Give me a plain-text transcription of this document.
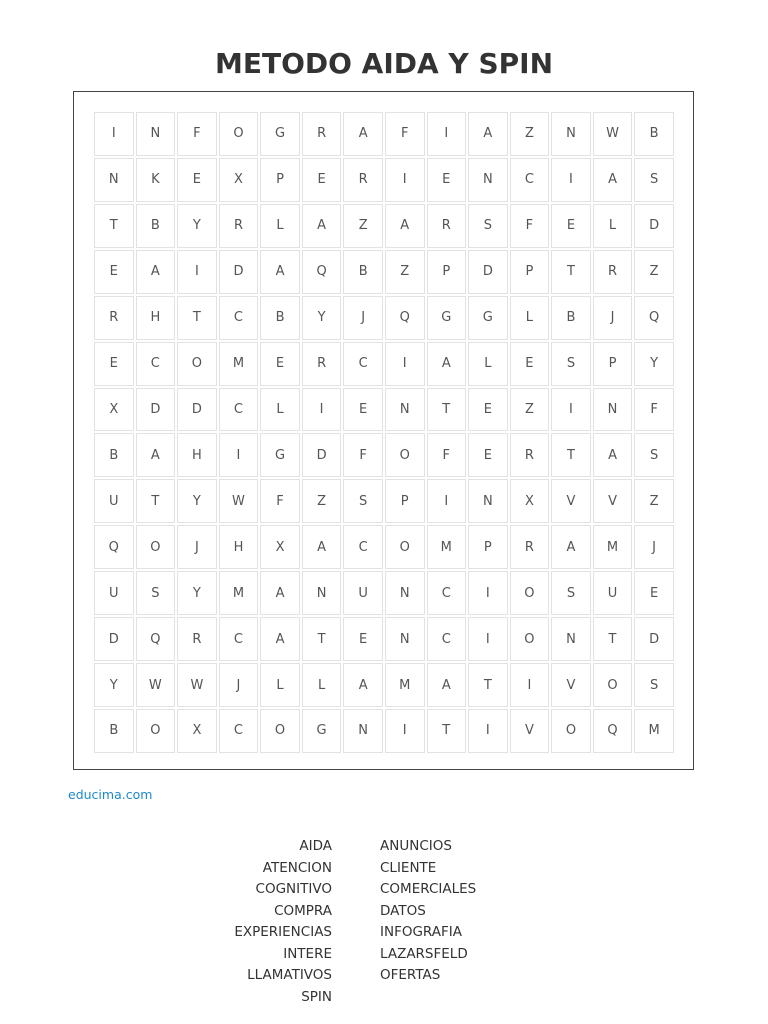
METODO AIDA Y SPIN
I	N	F	O	G	R	A	F	I	A	Z	N	W	B
N	K	E	X	P	E	R	I	E	N	C	I	A	S
T	B	Y	R	L	A	Z	A	R	S	F	E	L	D
E	A	I	D	A	Q	B	Z	P	D	P	T	R	Z
R	H	T	C	B	Y	J	Q	G	G	L	B	J	Q
E	C	O	M	E	R	C	I	A	L	E	S	P	Y
X	D	D	C	L	I	E	N	T	E	Z	I	N	F
B	A	H	I	G	D	F	O	F	E	R	T	A	S
U	T	Y	W	F	Z	S	P	I	N	X	V	V	Z
Q	O	J	H	X	A	C	O	M	P	R	A	M	J
U	S	Y	M	A	N	U	N	C	I	O	S	U	E
D	Q	R	C	A	T	E	N	C	I	O	N	T	D
Y	W	W	J	L	L	A	M	A	T	I	V	O	S
B	O	X	C	O	G	N	I	T	I	V	O	Q	M
educima.com
AIDA
ATENCION
COGNITIVO
COMPRA
EXPERIENCIAS
INTERE
LLAMATIVOS
SPIN
ANUNCIOS
CLIENTE
COMERCIALES
DATOS
INFOGRAFIA
LAZARSFELD
OFERTAS
